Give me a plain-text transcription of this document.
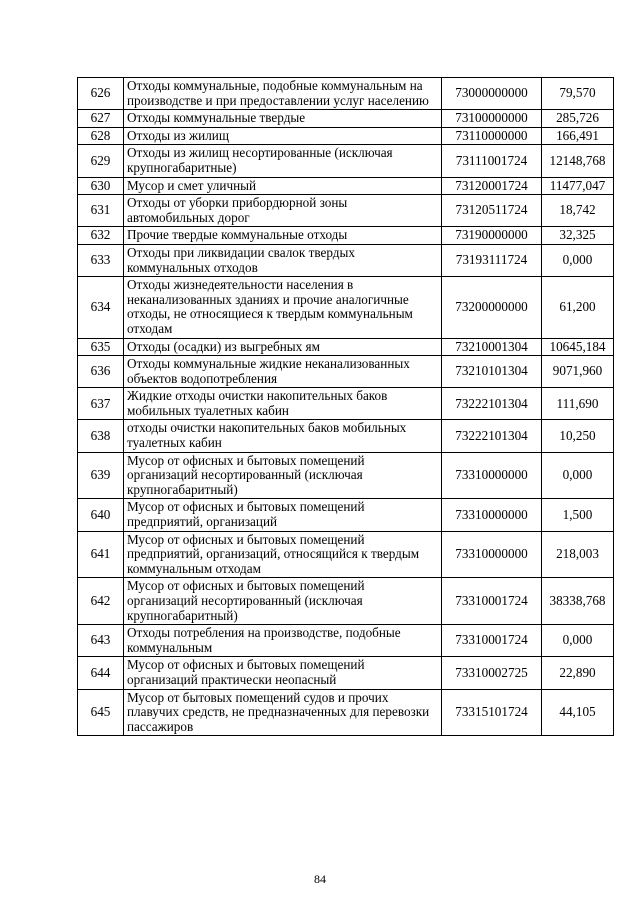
626	Отходы коммунальные, подобные коммунальным на производстве и при предоставлении услуг населению	73000000000	79,570
627	Отходы коммунальные твердые	73100000000	285,726
628	Отходы из жилищ	73110000000	166,491
629	Отходы из жилищ несортированные (исключая крупногабаритные)	73111001724	12148,768
630	Мусор и смет уличный	73120001724	11477,047
631	Отходы от уборки прибордюрной зоны автомобильных дорог	73120511724	18,742
632	Прочие твердые коммунальные отходы	73190000000	32,325
633	Отходы при ликвидации свалок твердых коммунальных отходов	73193111724	0,000
634	Отходы жизнедеятельности населения в неканализованных зданиях и прочие аналогичные отходы, не относящиеся к твердым коммунальным отходам	73200000000	61,200
635	Отходы (осадки) из выгребных ям	73210001304	10645,184
636	Отходы коммунальные жидкие неканализованных объектов водопотребления	73210101304	9071,960
637	Жидкие отходы очистки накопительных баков мобильных туалетных кабин	73222101304	111,690
638	отходы очистки накопительных баков мобильных туалетных кабин	73222101304	10,250
639	Мусор от офисных и бытовых помещений организаций несортированный (исключая крупногабаритный)	73310000000	0,000
640	Мусор от офисных и бытовых помещений предприятий, организаций	73310000000	1,500
641	Мусор от офисных и бытовых помещений предприятий, организаций, относящийся к твердым коммунальным отходам	73310000000	218,003
642	Мусор от офисных и бытовых помещений организаций несортированный (исключая крупногабаритный)	73310001724	38338,768
643	Отходы потребления на производстве, подобные коммунальным	73310001724	0,000
644	Мусор от офисных и бытовых помещений организаций практически неопасный	73310002725	22,890
645	Мусор от бытовых помещений судов и прочих плавучих средств, не предназначенных для перевозки пассажиров	73315101724	44,105
84
